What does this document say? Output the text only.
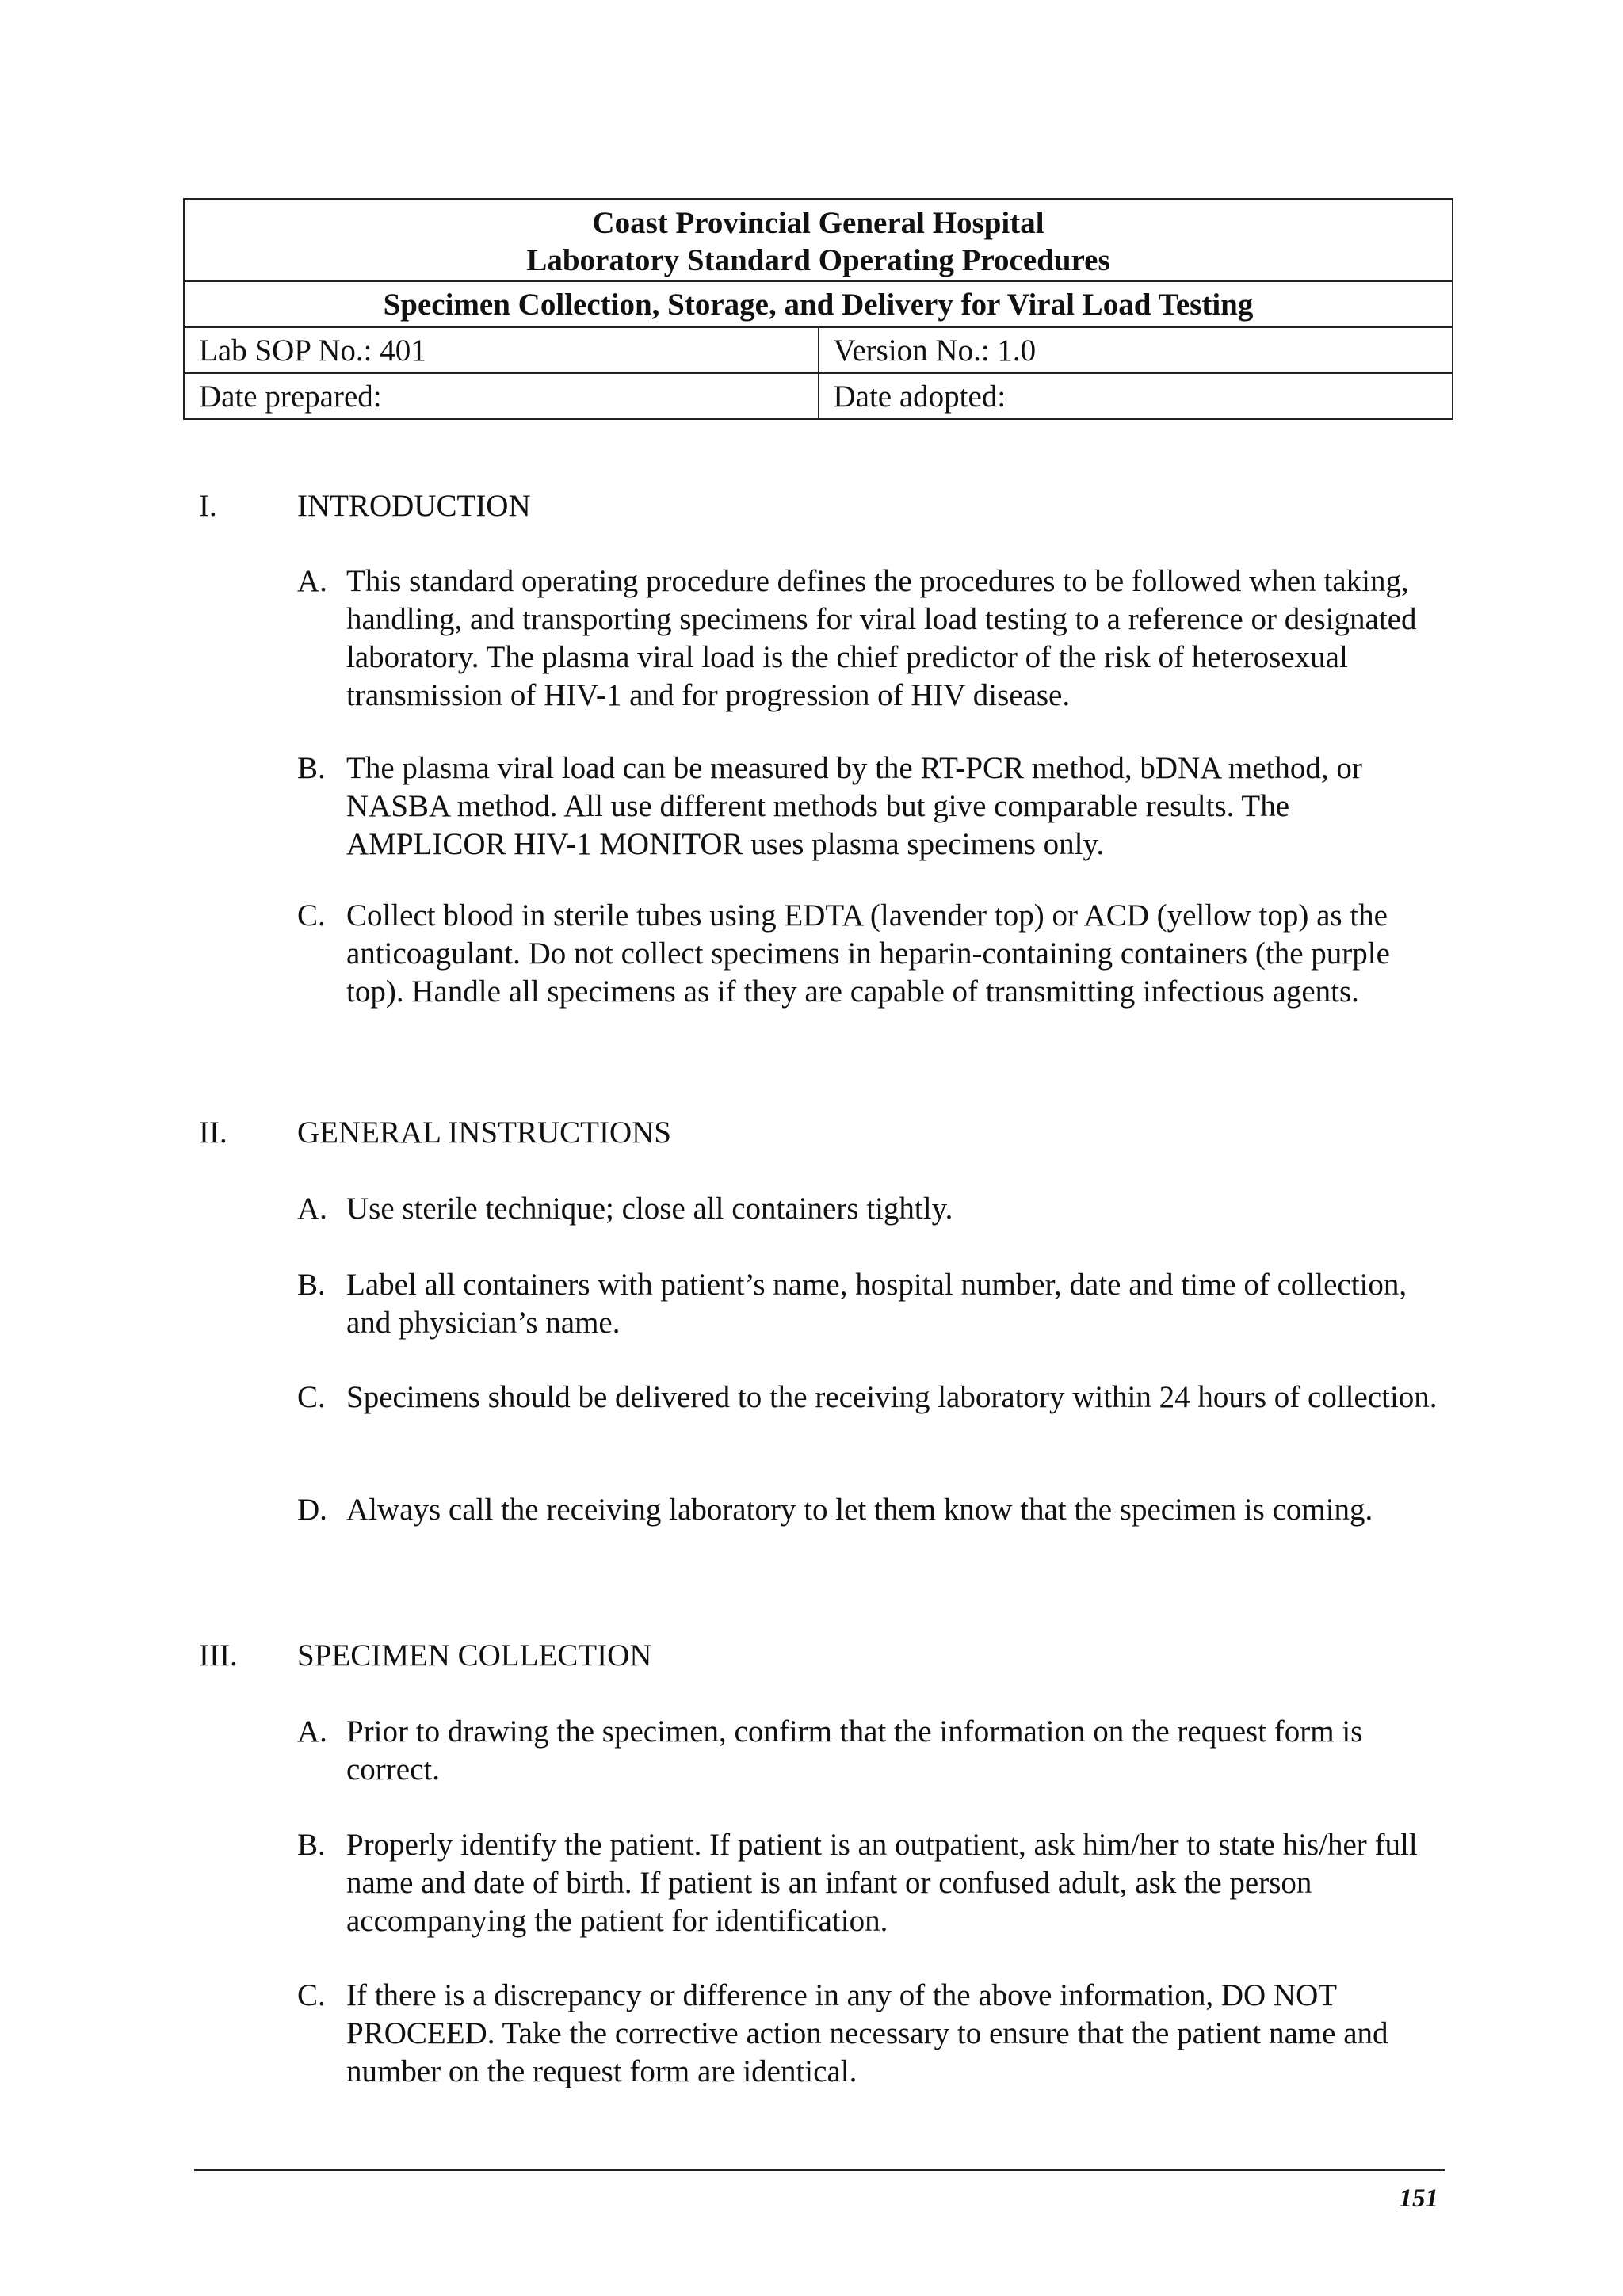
Coast Provincial General Hospital
Laboratory Standard Operating Procedures	

Specimen Collection, Storage, and Delivery for Viral Load Testing	
Lab SOP No.: 401	Version No.: 1.0
Date prepared:	Date adopted:
I.	INTRODUCTION
A. This standard operating procedure defines the procedures to be followed when taking, handling, and transporting specimens for viral load testing to a reference or designated laboratory. The plasma viral load is the chief predictor of the risk of heterosexual transmission of HIV-1 and for progression of HIV disease.
B. The plasma viral load can be measured by the RT-PCR method, bDNA method, or NASBA method. All use different methods but give comparable results. The AMPLICOR HIV-1 MONITOR uses plasma specimens only.
C. Collect blood in sterile tubes using EDTA (lavender top) or ACD (yellow top) as the anticoagulant. Do not collect specimens in heparin-containing containers (the purple top). Handle all specimens as if they are capable of transmitting infectious agents.
II. GENERAL INSTRUCTIONS
A. Use sterile technique; close all containers tightly.
B. Label all containers with patient’s name, hospital number, date and time of collection, and physician’s name.
C. Specimens should be delivered to the receiving laboratory within 24 hours of collection.
D. Always call the receiving laboratory to let them know that the specimen is coming.
III. SPECIMEN COLLECTION
A. Prior to drawing the specimen, confirm that the information on the request form is correct.
B. Properly identify the patient. If patient is an outpatient, ask him/her to state his/her full name and date of birth. If patient is an infant or confused adult, ask the person accompanying the patient for identification.
C. If there is a discrepancy or difference in any of the above information, DO NOT PROCEED. Take the corrective action necessary to ensure that the patient name and number on the request form are identical.
151
